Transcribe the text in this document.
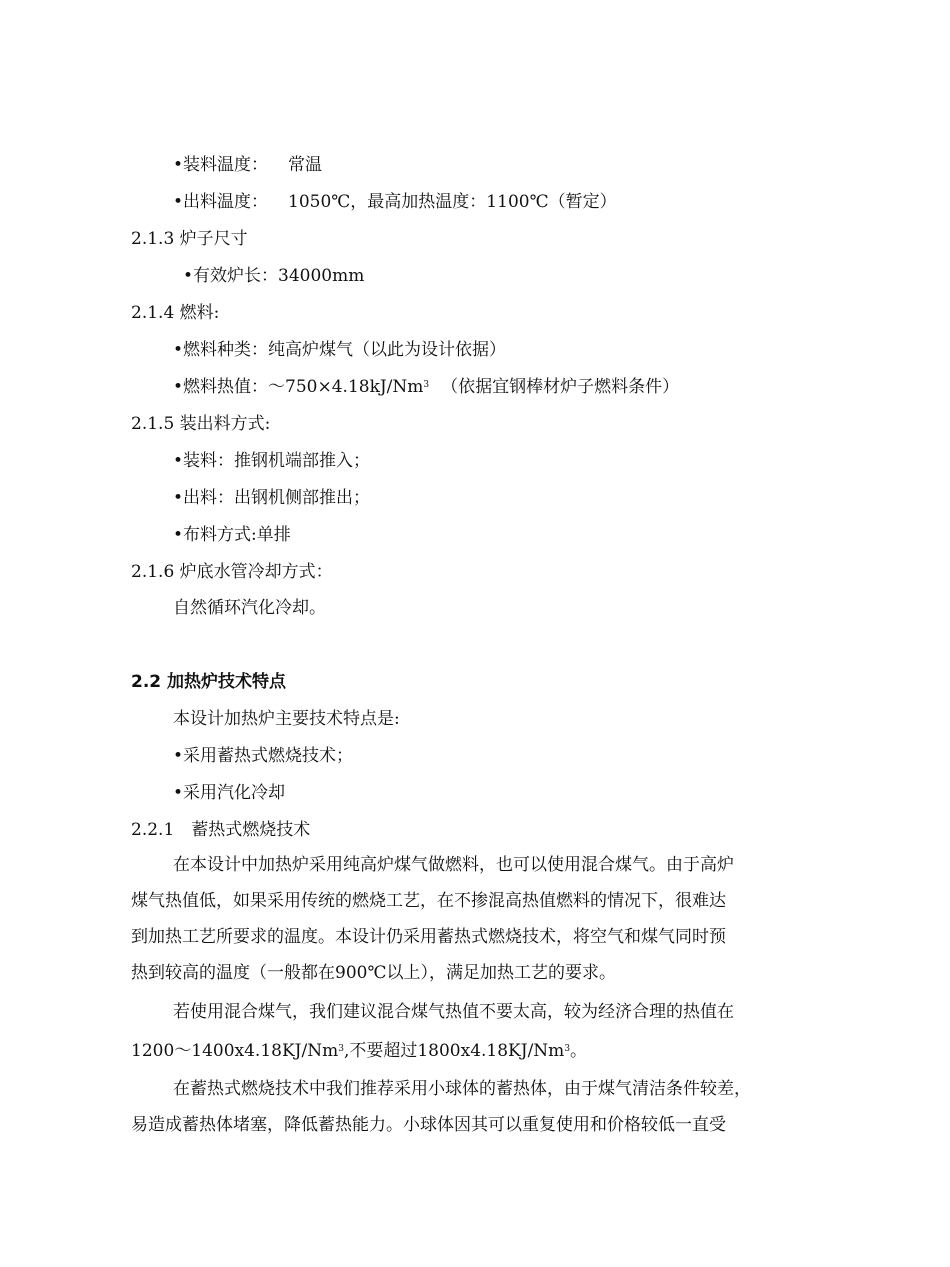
•装料温度： 常温
•出料温度： 1050℃，最高加热温度：1100℃（暂定）
2.1.3 炉子尺寸
•有效炉长：34000mm
2.1.4 燃料:
•燃料种类：纯高炉煤气（以此为设计依据）
•燃料热值：$\sim 750\times 4.18kJ/Nm^3$ （依据宜钢棒材炉子燃料条件）
2.1.5 装出料方式:
•装料：推钢机端部推入；
•出料：出钢机侧部推出；
•布料方式:单排
2.1.6 炉底水管冷却方式：
自然循环汽化冷却。
2.2 加热炉技术特点
本设计加热炉主要技术特点是:
•采用蓄热式燃烧技术；
•采用汽化冷却
2.2.1　蓄热式燃烧技术
在本设计中加热炉采用纯高炉煤气做燃料，也可以使用混合煤气。由于高炉
煤气热值低，如果采用传统的燃烧工艺，在不掺混高热值燃料的情况下，很难达
到加热工艺所要求的温度。本设计仍采用蓄热式燃烧技术，将空气和煤气同时预
热到较高的温度（一般都在900℃以上），满足加热工艺的要求。
若使用混合煤气，我们建议混合煤气热值不要太高，较为经济合理的热值在
1200～1400x4.18KJ/Nm$^3$,不要超过1800x4.18KJ/Nm$^3$。
在蓄热式燃烧技术中我们推荐采用小球体的蓄热体，由于煤气清洁条件较差，
易造成蓄热体堵塞，降低蓄热能力。小球体因其可以重复使用和价格较低一直受
